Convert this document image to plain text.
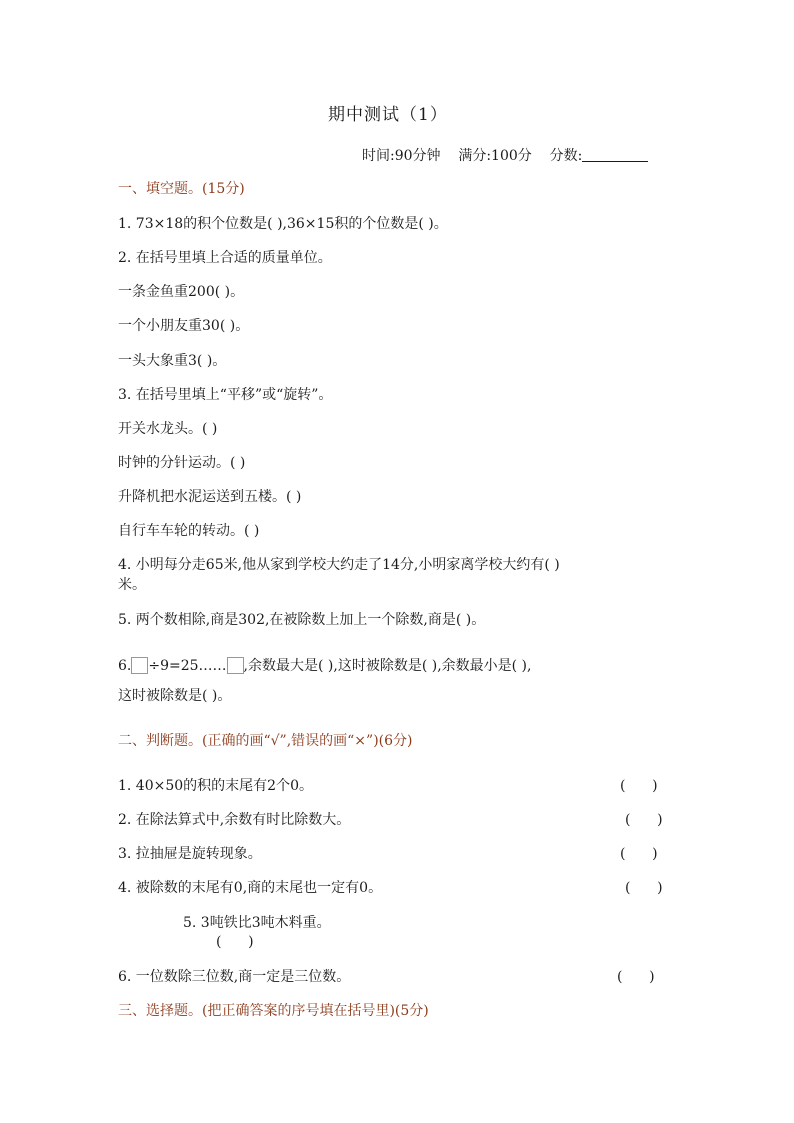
期中测试（1）
时间:90分钟 满分:100分 分数:
一、填空题。(15分)
1. 73×18的积个位数是( ),36×15积的个位数是( )。
2. 在括号里填上合适的质量单位。
一条金鱼重200( )。
一个小朋友重30( )。
一头大象重3( )。
3. 在括号里填上“平移”或“旋转”。
开关水龙头。( )
时钟的分针运动。( )
升降机把水泥运送到五楼。( )
自行车车轮的转动。( )
4. 小明每分走65米,他从家到学校大约走了14分,小明家离学校大约有( )
米。
5. 两个数相除,商是302,在被除数上加上一个除数,商是( )。
6. ÷9=25…… ,余数最大是( ),这时被除数是( ),余数最小是( ),
这时被除数是( )。
二、判断题。(正确的画“√”,错误的画“×”)(6分)
1. 40×50的积的末尾有2个0。	(      )
2. 在除法算式中,余数有时比除数大。	(      )
3. 拉抽屉是旋转现象。	(      )
4. 被除数的末尾有0,商的末尾也一定有0。	(      )
5. 3吨铁比3吨木料重。
(      )
6. 一位数除三位数,商一定是三位数。	(      )
三、选择题。(把正确答案的序号填在括号里)(5分)
